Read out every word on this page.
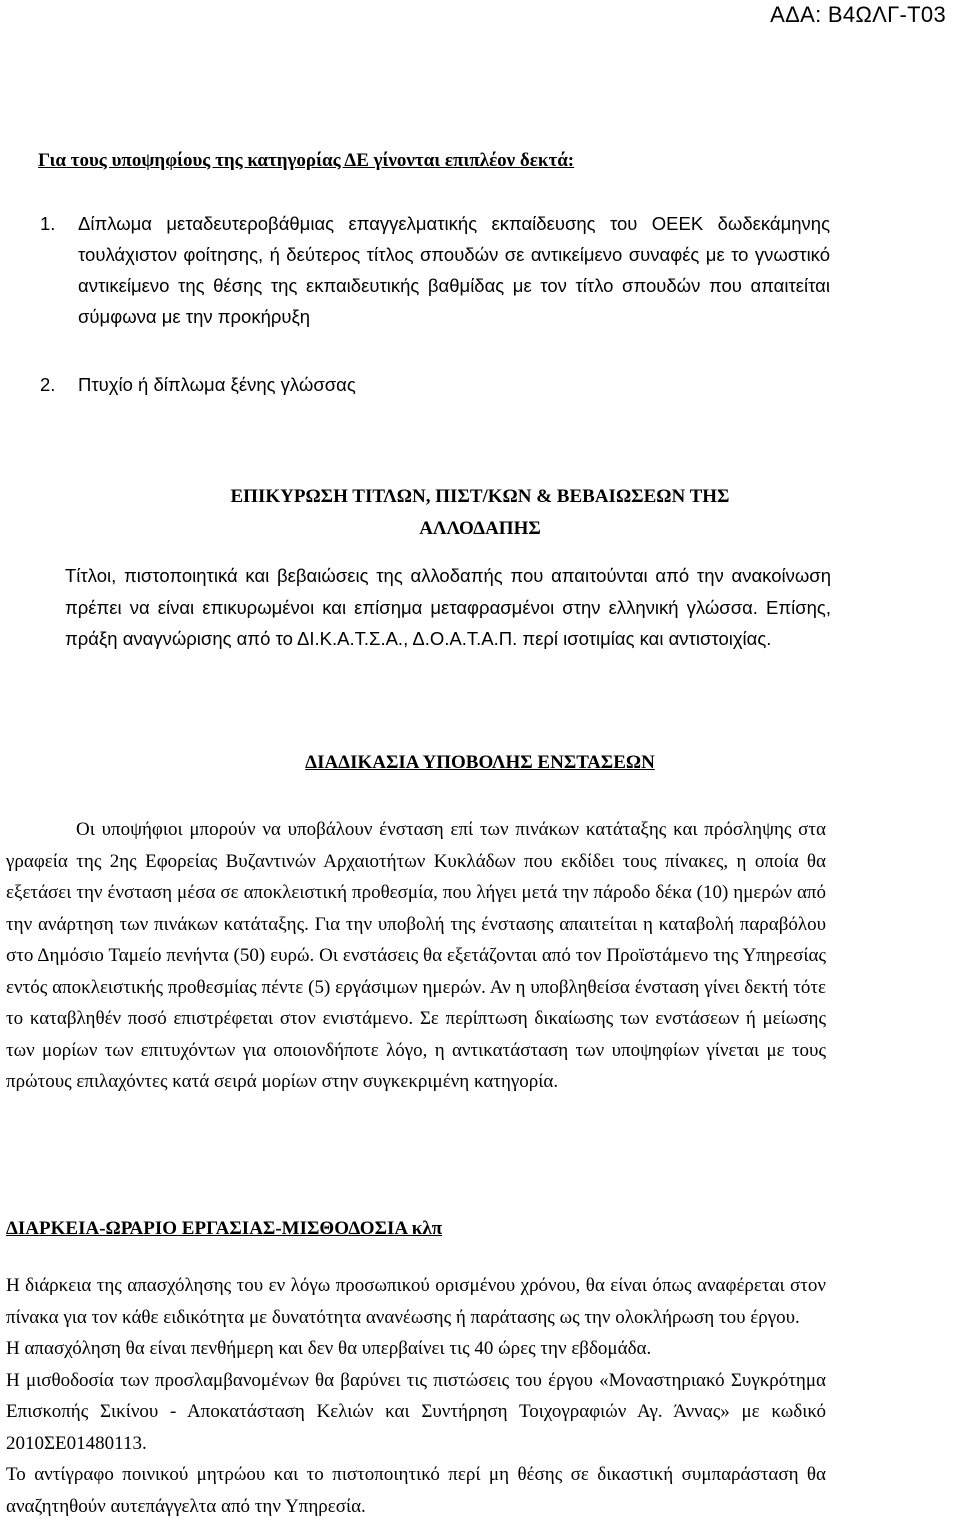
ΑΔΑ: Β4ΩΛΓ-Τ03
Για τους υποψηφίους της κατηγορίας ΔΕ γίνονται επιπλέον δεκτά:
1. Δίπλωμα μεταδευτεροβάθμιας επαγγελματικής εκπαίδευσης του ΟΕΕΚ δωδεκάμηνης τουλάχιστον φοίτησης, ή δεύτερος τίτλος σπουδών σε αντικείμενο συναφές με το γνωστικό αντικείμενο της θέσης της εκπαιδευτικής βαθμίδας με τον τίτλο σπουδών που απαιτείται σύμφωνα με την προκήρυξη

2. Πτυχίο ή δίπλωμα ξένης γλώσσας

ΕΠΙΚΥΡΩΣΗ ΤΙΤΛΩΝ, ΠΙΣΤ/ΚΩΝ & ΒΕΒΑΙΩΣΕΩΝ ΤΗΣ
ΑΛΛΟΔΑΠΗΣ

Τίτλοι, πιστοποιητικά και βεβαιώσεις της αλλοδαπής που απαιτούνται από την ανακοίνωση πρέπει να είναι επικυρωμένοι και επίσημα μεταφρασμένοι στην ελληνική γλώσσα. Επίσης, πράξη αναγνώρισης από το ΔΙ.Κ.Α.Τ.Σ.Α., Δ.Ο.Α.Τ.Α.Π. περί ισοτιμίας και αντιστοιχίας.

ΔΙΑΔΙΚΑΣΙΑ ΥΠΟΒΟΛΗΣ ΕΝΣΤΑΣΕΩΝ

Οι υποψήφιοι μπορούν να υποβάλουν ένσταση επί των πινάκων κατάταξης και πρόσληψης στα γραφεία της 2ης Εφορείας Βυζαντινών Αρχαιοτήτων Κυκλάδων που εκδίδει τους πίνακες, η οποία θα εξετάσει την ένσταση μέσα σε αποκλειστική προθεσμία, που λήγει μετά την πάροδο δέκα (10) ημερών από την ανάρτηση των πινάκων κατάταξης. Για την υποβολή της ένστασης απαιτείται η καταβολή παραβόλου στο Δημόσιο Ταμείο πενήντα (50) ευρώ. Οι ενστάσεις θα εξετάζονται από τον Προϊστάμενο της Υπηρεσίας εντός αποκλειστικής προθεσμίας πέντε (5) εργάσιμων ημερών. Αν η υποβληθείσα ένσταση γίνει δεκτή τότε το καταβληθέν ποσό επιστρέφεται στον ενιστάμενο. Σε περίπτωση δικαίωσης των ενστάσεων ή μείωσης των μορίων των επιτυχόντων για οποιονδήποτε λόγο, η αντικατάσταση των υποψηφίων γίνεται με τους πρώτους επιλαχόντες κατά σειρά μορίων στην συγκεκριμένη κατηγορία.

ΔΙΑΡΚΕΙΑ-ΩΡΑΡΙΟ ΕΡΓΑΣΙΑΣ-ΜΙΣΘΟΔΟΣΙΑ κλπ

Η διάρκεια της απασχόλησης του εν λόγω προσωπικού ορισμένου χρόνου, θα είναι όπως αναφέρεται στον πίνακα για τον κάθε ειδικότητα με δυνατότητα ανανέωσης ή παράτασης ως την ολοκλήρωση του έργου.

Η απασχόληση θα είναι πενθήμερη και δεν θα υπερβαίνει τις 40 ώρες την εβδομάδα.

Η μισθοδοσία των προσλαμβανομένων θα βαρύνει τις πιστώσεις του έργου «Μοναστηριακό Συγκρότημα Επισκοπής Σικίνου - Αποκατάσταση Κελιών και Συντήρηση Τοιχογραφιών Αγ. Άννας» με κωδικό 2010ΣΕ01480113.

Το αντίγραφο ποινικού μητρώου και το πιστοποιητικό περί μη θέσης σε δικαστική συμπαράσταση θα αναζητηθούν αυτεπάγγελτα από την Υπηρεσία.
